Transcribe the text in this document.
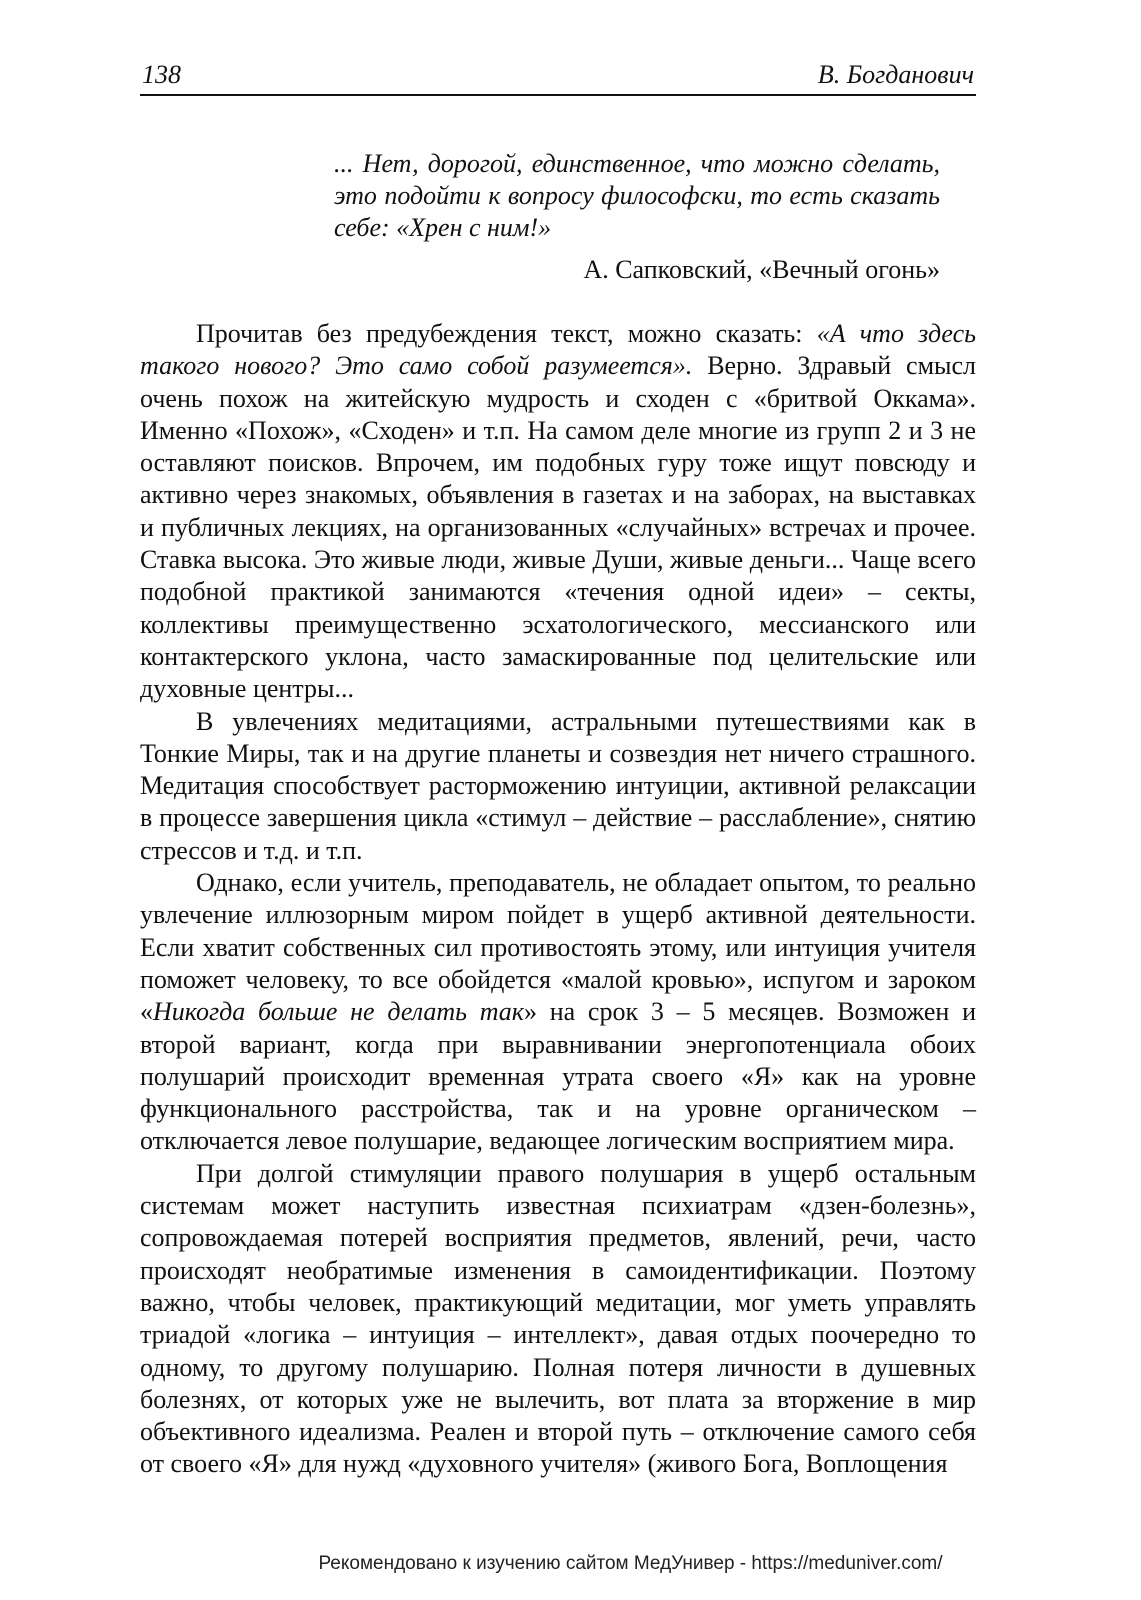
138	В. Богданович

... Нет, дорогой, единственное, что можно сделать, это подойти к вопросу философски, то есть сказать себе: «Хрен с ним!»

А. Сапковский, «Вечный огонь»

Прочитав без предубеждения текст, можно сказать: «А что здесь такого нового? Это само собой разумеется». Верно. Здравый смысл очень похож на житейскую мудрость и сходен с «бритвой Оккама». Именно «Похож», «Сходен» и т.п. На самом деле многие из групп 2 и 3 не оставляют поисков. Впрочем, им подобных гуру тоже ищут повсюду и активно через знакомых, объявления в газетах и на заборах, на выставках и публичных лекциях, на организованных «случайных» встречах и прочее. Ставка высока. Это живые люди, живые Души, живые деньги... Чаще всего подобной практикой занимаются «течения одной идеи» – секты, коллективы преимущественно эсхатологического, мессианского или контактерского уклона, часто замаскированные под целительские или духовные центры...

В увлечениях медитациями, астральными путешествиями как в Тонкие Миры, так и на другие планеты и созвездия нет ничего страшного. Медитация способствует расторможению интуиции, активной релаксации в процессе завершения цикла «стимул – действие – расслабление», снятию стрессов и т.д. и т.п.

Однако, если учитель, преподаватель, не обладает опытом, то реально увлечение иллюзорным миром пойдет в ущерб активной деятельности. Если хватит собственных сил противостоять этому, или интуиция учителя поможет человеку, то все обойдется «малой кровью», испугом и зароком «Никогда больше не делать так» на срок 3 – 5 месяцев. Возможен и второй вариант, когда при выравнивании энергопотенциала обоих полушарий происходит временная утрата своего «Я» как на уровне функционального расстройства, так и на уровне органическом – отключается левое полушарие, ведающее логическим восприятием мира.

При долгой стимуляции правого полушария в ущерб остальным системам может наступить известная психиатрам «дзен-болезнь», сопровождаемая потерей восприятия предметов, явлений, речи, часто происходят необратимые изменения в самоидентификации. Поэтому важно, чтобы человек, практикующий медитации, мог уметь управлять триадой «логика – интуиция – интеллект», давая отдых поочередно то одному, то другому полушарию. Полная потеря личности в душевных болезнях, от которых уже не вылечить, вот плата за вторжение в мир объективного идеализма. Реален и второй путь – отключение самого себя от своего «Я» для нужд «духовного учителя» (живого Бога, Воплощения

Рекомендовано к изучению сайтом МедУнивер - https://meduniver.com/
